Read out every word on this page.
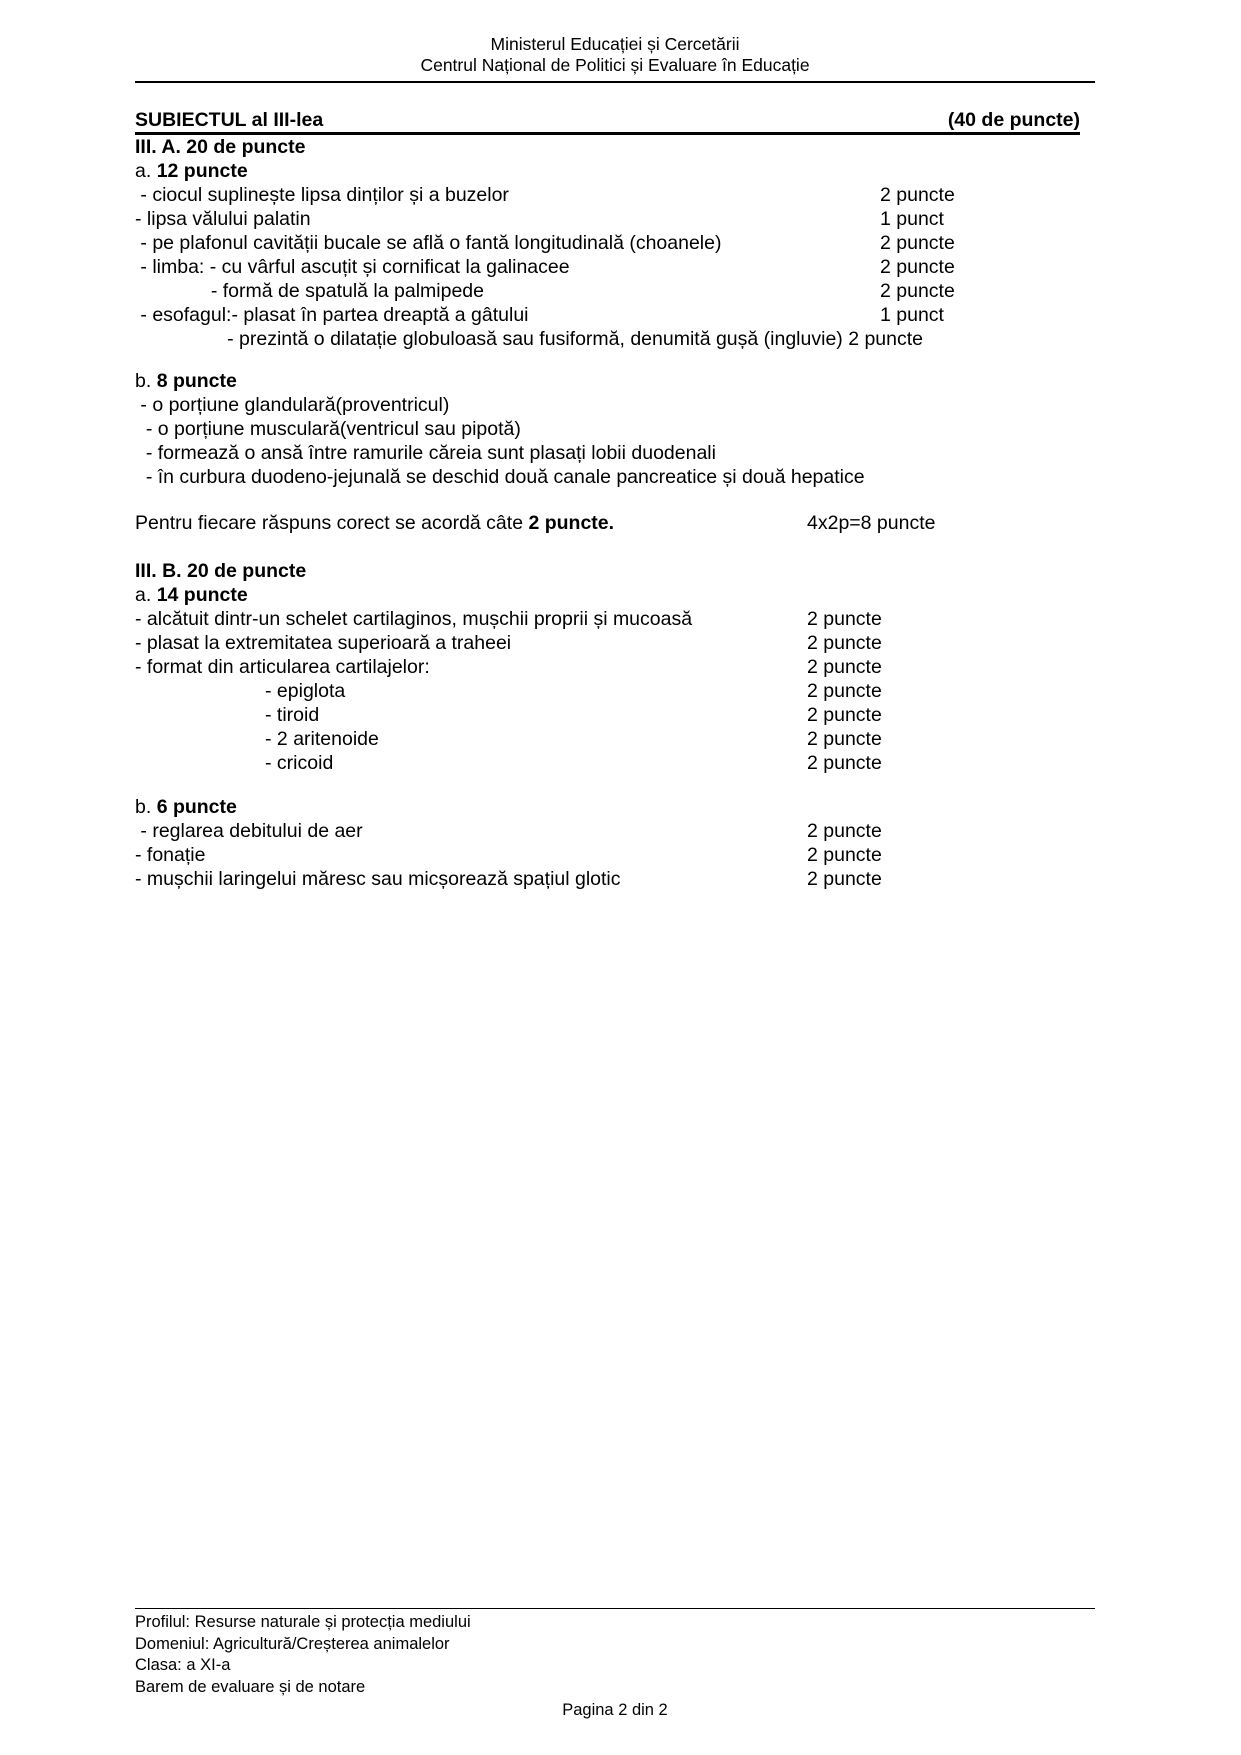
Ministerul Educației și Cercetării
Centrul Național de Politici și Evaluare în Educație
SUBIECTUL al III-lea	(40 de puncte)
III. A. 20 de puncte
a. 12 puncte
- ciocul suplinește lipsa dinților și a buzelor	2 puncte
- lipsa vălului palatin	1 punct
- pe plafonul cavității bucale se află o fantă longitudinală (choanele)	2 puncte
- limba: - cu vârful ascuțit și cornificat la galinacee	2 puncte
- formă de spatulă la palmipede	2 puncte
- esofagul:- plasat în partea dreaptă a gâtului	1 punct
- prezintă o dilatație globuloasă sau fusiformă, denumită gușă (ingluvie) 2 puncte
b. 8 puncte
- o porțiune glandulară(proventricul)
- o porțiune musculară(ventricul sau pipotă)
- formează o ansă între ramurile căreia sunt plasați lobii duodenali
- în curbura duodeno-jejunală se deschid două canale pancreatice și două hepatice
Pentru fiecare răspuns corect se acordă câte 2 puncte.	4x2p=8 puncte
III. B. 20 de puncte
a. 14 puncte
- alcătuit dintr-un schelet cartilaginos, mușchii proprii și mucoasă	2 puncte
- plasat la extremitatea superioară a traheei	2 puncte
- format din articularea cartilajelor:	2 puncte
- epiglota	2 puncte
- tiroid	2 puncte
- 2 aritenoide	2 puncte
- cricoid	2 puncte
b. 6 puncte
- reglarea debitului de aer	2 puncte
- fonație	2 puncte
- mușchii laringelui măresc sau micșorează spațiul glotic	2 puncte
Profilul: Resurse naturale și protecția mediului
Domeniul: Agricultură/Creșterea animalelor
Clasa: a XI-a
Barem de evaluare și de notare
Pagina 2 din 2
